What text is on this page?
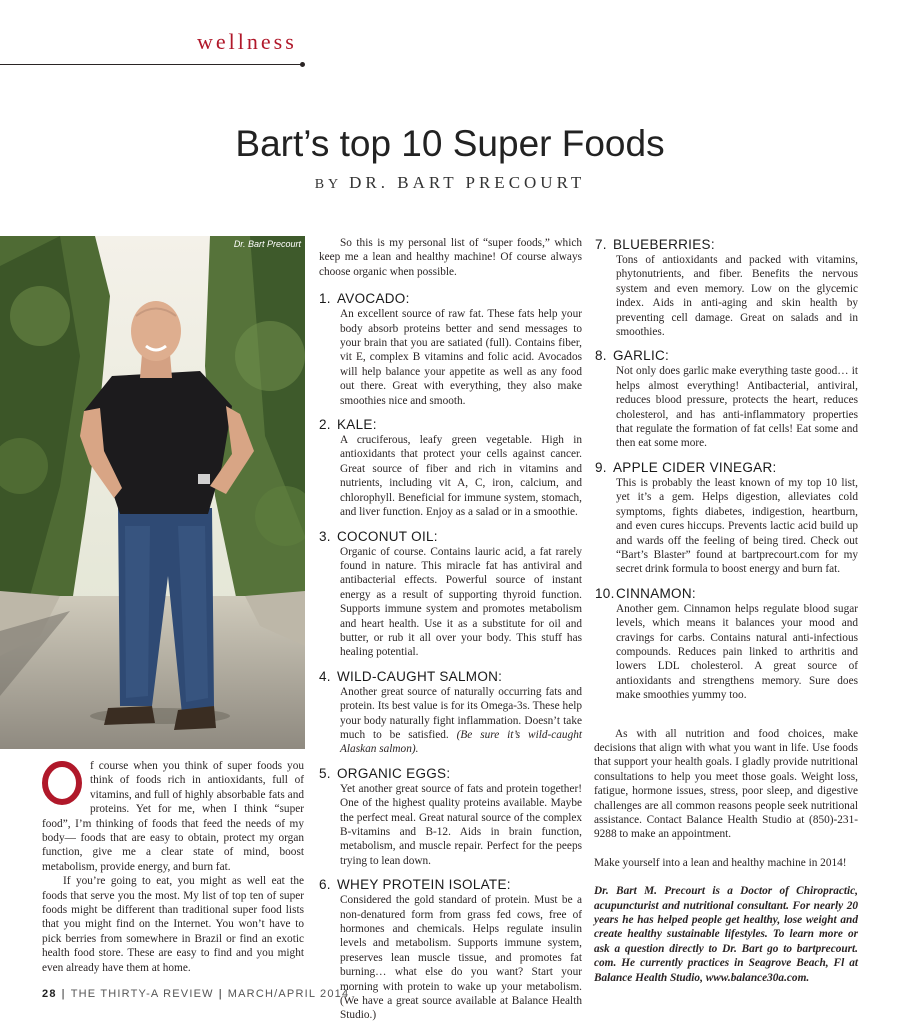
wellness
Bart’s top 10 Super Foods
BY DR. BART PRECOURT
Dr. Bart Precourt

f course when you think of super foods you think of foods rich in antioxidants, full of vitamins, and full of highly absorbable fats and proteins. Yet for me, when I think “super food”, I’m thinking of foods that feed the needs of my body— foods that are easy to obtain, protect my organ function, give me a clear state of mind, boost metabolism, provide energy, and burn fat.

If you’re going to eat, you might as well eat the foods that serve you the most. My list of top ten of super foods might be different than traditional super food lists that you might find on the Internet. You won’t have to pick berries from somewhere in Brazil or find an exotic health food store. These are easy to find and you might even already have them at home.

So this is my personal list of “super foods,” which keep me a lean and healthy machine! Of course always choose organic when possible.

1. AVOCADO:

An excellent source of raw fat. These fats help your body absorb proteins better and send messages to your brain that you are satiated (full). Contains fiber, vit E, complex B vitamins and folic acid. Avocados will help balance your appetite as well as any food out there. Great with everything, they also make smoothies nice and smooth.

2. KALE:

A cruciferous, leafy green vegetable. High in antioxidants that protect your cells against cancer. Great source of fiber and rich in vitamins and nutrients, including vit A, C, iron, calcium, and chlorophyll. Beneficial for immune system, stomach, and liver function. Enjoy as a salad or in a smoothie.

3. COCONUT OIL:

Organic of course. Contains lauric acid, a fat rarely found in nature. This miracle fat has antiviral and antibacterial effects. Powerful source of instant energy as a result of supporting thyroid function. Supports immune system and promotes metabolism and heart health. Use it as a substitute for oil and butter, or rub it all over your body. This stuff has healing potential.

4. WILD-CAUGHT SALMON:

Another great source of naturally occurring fats and protein. Its best value is for its Omega-3s. These help your body naturally fight inflammation. Doesn’t take much to be satisfied. (Be sure it’s wild-caught Alaskan salmon).

5. ORGANIC EGGS:

Yet another great source of fats and protein together! One of the highest quality proteins available. Maybe the perfect meal. Great natural source of the complex B-vitamins and B-12. Aids in brain function, metabolism, and muscle repair. Perfect for the peeps trying to lean down.

6. WHEY PROTEIN ISOLATE:

Considered the gold standard of protein. Must be a non-denatured form from grass fed cows, free of hormones and chemicals. Helps regulate insulin levels and metabolism. Supports immune system, preserves lean muscle tissue, and promotes fat burning… what else do you want? Start your morning with protein to wake up your metabolism. (We have a great source available at Balance Health Studio.)

7. BLUEBERRIES:

Tons of antioxidants and packed with vitamins, phytonutrients, and fiber. Benefits the nervous system and even memory. Low on the glycemic index. Aids in anti-aging and skin health by preventing cell damage. Great on salads and in smoothies.

8. GARLIC:

Not only does garlic make everything taste good… it helps almost everything! Antibacterial, antiviral, reduces blood pressure, protects the heart, reduces cholesterol, and has anti-inflammatory properties that regulate the formation of fat cells! Eat some and then eat some more.

9. APPLE CIDER VINEGAR:

This is probably the least known of my top 10 list, yet it’s a gem. Helps digestion, alleviates cold symptoms, fights diabetes, indigestion, heartburn, and even cures hiccups. Prevents lactic acid build up and wards off the feeling of being tired. Check out “Bart’s Blaster” found at bartprecourt.com for my secret drink formula to boost energy and burn fat.

10.CINNAMON:

Another gem. Cinnamon helps regulate blood sugar levels, which means it balances your mood and cravings for carbs. Contains natural anti-infectious compounds. Reduces pain linked to arthritis and lowers LDL cholesterol. A great source of antioxidants and strengthens memory. Sure does make smoothies yummy too.

As with all nutrition and food choices, make decisions that align with what you want in life. Use foods that support your health goals. I gladly provide nutritional consultations to help you meet those goals. Weight loss, fatigue, hormone issues, stress, poor sleep, and digestive challenges are all common reasons people seek nutritional assistance. Contact Balance Health Studio at (850)-231-9288 to make an appointment.

Make yourself into a lean and healthy machine in 2014!

Dr. Bart M. Precourt is a Doctor of Chiropractic, acupuncturist and nutritional consultant. For nearly 20 years he has helped people get healthy, lose weight and create healthy sustainable lifestyles. To learn more or ask a question directly to Dr. Bart go to bartprecourt. com. He currently practices in Seagrove Beach, Fl at Balance Health Studio, www.balance30a.com.

28 | THE THIRTY-A REVIEW | MARCH/APRIL 2014
